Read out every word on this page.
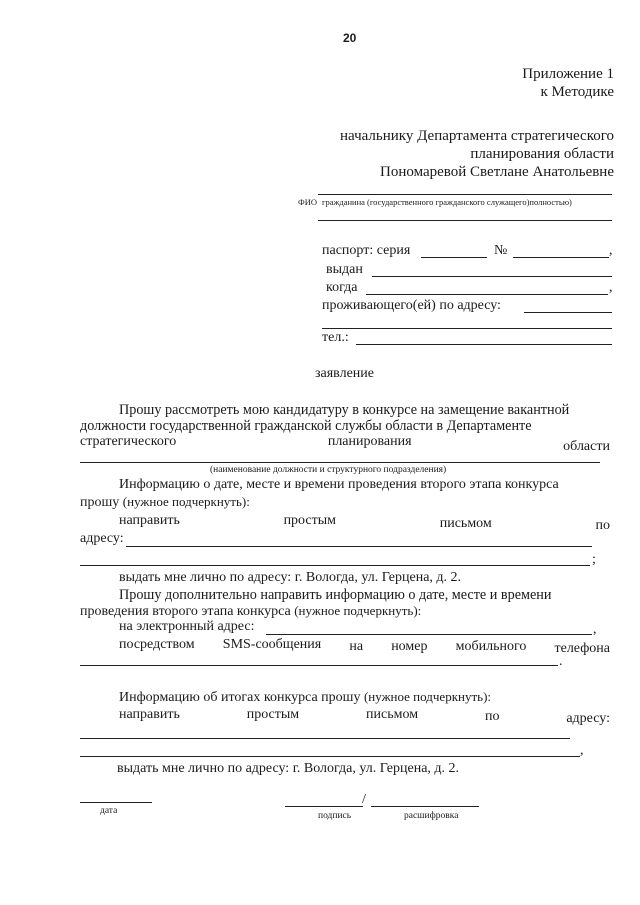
20
Приложение 1
к Методике
начальнику Департамента стратегического
планирования области
Пономаревой Светлане Анатольевне
ФИО гражданина (государственного гражданского служащего)полностью)
паспорт: серия	№	,
выдан
когда	,
проживающего(ей) по адресу:
тел.:
заявление
Прошу рассмотреть мою кандидатуру в конкурсе на замещение вакантной
должности государственной гражданской службы области в Департаменте
стратегического	планирования	области
(наименование должности и структурного подразделения)
Информацию о дате, месте и времени проведения второго этапа конкурса
прошу (нужное подчеркнуть):
направить	простым	письмом	по
адресу:
;
выдать мне лично по адресу: г. Вологда, ул. Герцена, д. 2.
Прошу дополнительно направить информацию о дате, месте и времени
проведения второго этапа конкурса (нужное подчеркнуть):
на электронный адрес:	,
посредством SMS-сообщения на номер мобильного телефона
.
Информацию об итогах конкурса прошу (нужное подчеркнуть):
направить	простым	письмом	по	адресу:
,
выдать мне лично по адресу: г. Вологда, ул. Герцена, д. 2.
дата
/
подпись	расшифровка
